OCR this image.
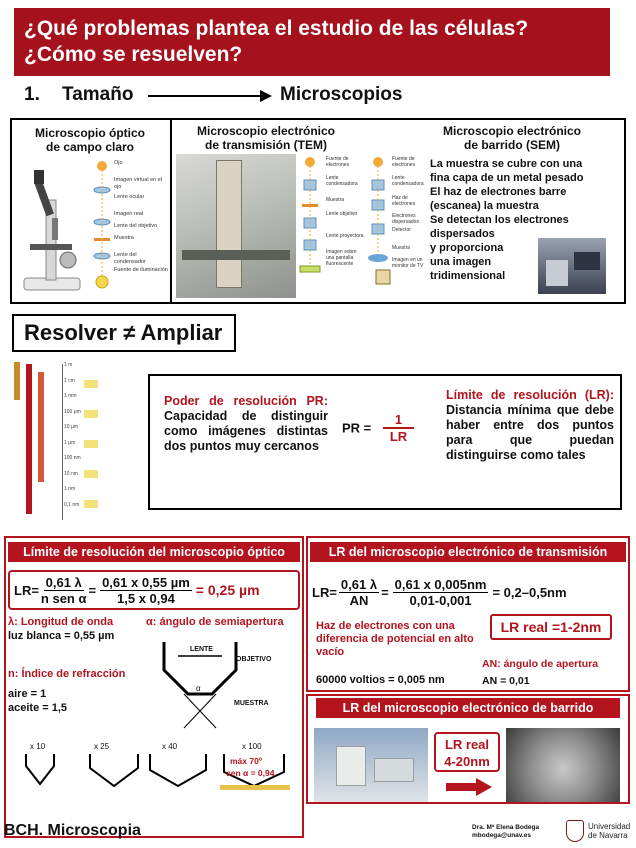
¿Qué problemas plantea el estudio de las células?
¿Cómo se resuelven?
1. Tamaño	Microscopios
Microscopio óptico
de campo claro
Ojo
Imagen virtual en el ojo
Lente ocular
Imagen real
Lente del objetivo
Muestra
Lente del condensador
Fuente de iluminación
Microscopio electrónico
de transmisión (TEM)
Fuente de electrones
Lente condensadora
Muestra
Lente objetivo
Lente proyectora
Imagen sobre una pantalla fluorescente
Fuente de electrones
Lente condensadora
Haz de electrones
Electrones dispersados
Detector
Muestra
Imagen en un monitor de TV
Microscopio electrónico
de barrido (SEM)
La muestra se cubre con una
fina capa de un metal pesado
El haz de electrones barre
(escanea) la muestra
Se detectan los electrones
dispersados
y proporciona
una imagen
tridimensional
Resolver ≠ Ampliar
1 m
1 cm
1 mm
100 µm
10 µm
1 µm
100 nm
10 nm
1 nm
0,1 nm
Poder de resolución PR: Capacidad de distinguir como imágenes distintas dos puntos muy cercanos
PR = $\frac{1}{LR}$
Límite de resolución (LR): Distancia mínima que debe haber entre dos puntos para que puedan distinguirse como tales
Límite de resolución del microscopio óptico
$LR= \frac{0,61 \lambda}{\text{n sen α}} = \frac{\text{0,61 x 0,55 µm}}{1,5 x 0,94} = 0,25$ µm
λ: Longitud de onda
luz blanca = 0,55 µm
α: ángulo de semiapertura
n: Índice de refracción
aire = 1
aceite = 1,5
LENTE
OBJETIVO
MUESTRA
α
x 10	x 25	x 40	x 100
máx 70º
sen α = 0,94
LR del microscopio electrónico de transmisión
$LR= \frac{0,61 \lambda}{AN} = \frac{0,61 x 0,005nm}{0,01-0,001} = 0,2-0,5nm$
Haz de electrones con una diferencia de potencial en alto vacío
LR real =1-2nm
60000 voltios = 0,005 nm
AN: ángulo de apertura
AN = 0,01
LR del microscopio electrónico de barrido
LR real
4-20nm
BCH. Microscopia	Dra. Mª Elena Bodega
mbodega@unav.es
Universidad
de Navarra
